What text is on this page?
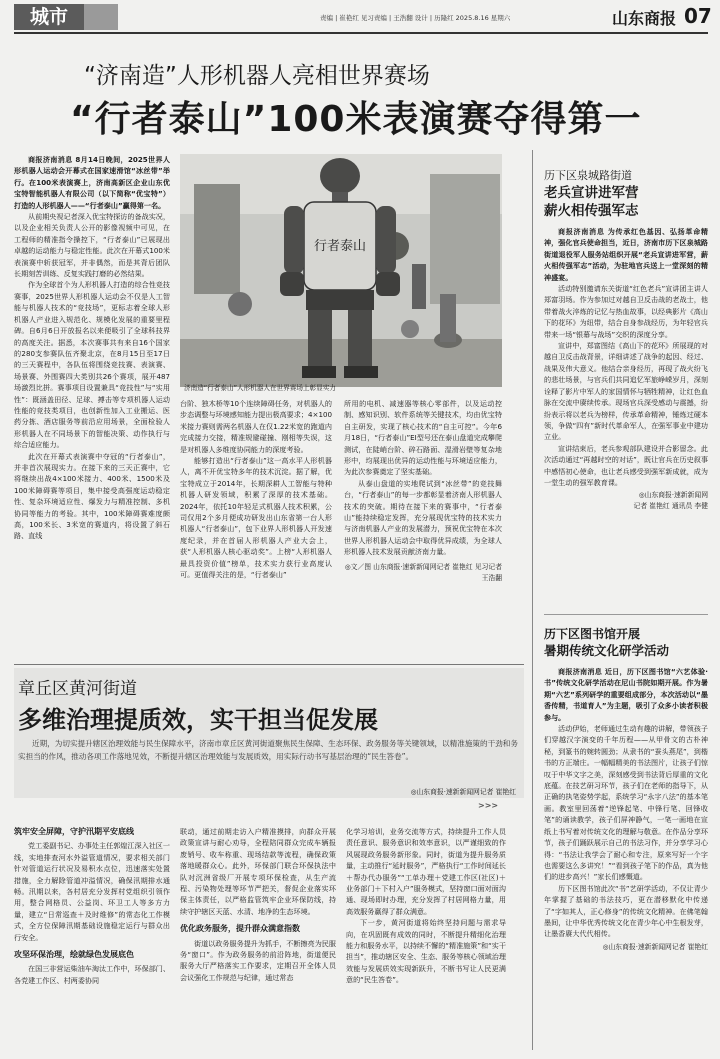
城市	责编 | 崔艳红 见习责编 | 王浩翻 设计 | 历隆红 2025.8.16 星期六	山东商报 07
“济南造”人形机器人亮相世界赛场
“行者泰山”100米表演赛夺得第一

商报济南消息 8月14日晚间，2025世界人形机器人运动会开幕式在国家速滑馆“冰丝带”举行。在100米表演赛上，济南高新区企业山东优宝特智能机器人有限公司（以下简称“优宝特”）打造的人形机器人——“行者泰山”赢得第一名。

从前期央视记者深入优宝特探访的备战实况，以及企业相关负责人公开的影像视频中可见，在工程师的精准指令操控下，“行者泰山”已展现出卓越的运动能力与稳定性能。此次在开幕式100米表演赛中斩获冠军，并非偶然，而是其背后团队长期刻苦训练、反复实践打磨的必然结果。

作为全球首个为人形机器人打造的综合性竞技赛事，2025世界人形机器人运动会不仅是人工智能与机器人技术的“竞技场”，更标志着全球人形机器人产业进入规范化、规模化发展的重要里程碑。自6月6日开放报名以来便吸引了全球科技界的高度关注。据悉，本次赛事共有来自16个国家的280支参赛队伍齐聚北京，在8月15日至17日的三天赛程中，各队伍将围绕竞技赛、表演赛、场景赛、外围赛四大类别共26个赛项，展开487场激烈比拼。赛事项目设置兼具“竞技性”与“实用性”：既涵盖田径、足球、搏击等专项机器人运动性能的竞技类项目，也创新性加入工业搬运、医药分拣、酒店服务等前沿应用场景，全面检验人形机器人在不同场景下的智能决策、动作执行与综合适应能力。

此次在开幕式表演赛中夺冠的“行者泰山”，并非首次展现实力。在接下来的三天正赛中，它将继续出战4×100米接力、400米、1500米及100米障碍赛等项目，集中接受高强度运动稳定性、复杂环境适应性、爆发力与精准控制、多机协同等能力的考验。其中，100米障碍赛难度颇高，100米长、3米宽的赛道内，将设置了斜石路、直线

行者泰山
济南造“行者泰山”人形机器人在世界赛场上彰显实力

台阶、独木桥等10个连续障碍任务，对机器人的步态调整与环境感知能力提出极高要求；4×100米接力赛则需两名机器人在仅1.22米宽的跑道内完成接力交接，精准规避碰撞、刚相等失误，这是对机器人多维度协同能力的深度考验。

能够打造出“行者泰山”这一高水平人形机器人，离不开优宝特多年的技术沉淀。据了解，优宝特成立于2014年，长期深耕人工智能与特种机器人研发领域，积累了深厚的技术基础。2024年，依托10年轻足式机器人技术积累，公司仅用2个多月便成功研发出山东省第一台人形机器人“行者泰山”，包下业界人形机器人开发速度纪录，并在首届人形机器人产业大会上，获“人形机器人核心驱动奖”。上榜“人形机器人最具投资价值”榜单，技术实力获行业高度认可。更值得关注的是，“行者泰山”

所用的电机、减速器等核心零部件，以及运动控制、感知识别、软件系统等关键技术，均由优宝特自主研发，实现了核心技术的“自主可控”。今年6月18日，“行者泰山”EI型号还在泰山盘道完成攀爬测试，在陡峭台阶、碎石路面、湿滑岩壁等复杂地形中，均展现出优异的运动性能与环境适应能力，为此次参赛奠定了坚实基础。

从泰山盘道的实地爬试到“冰丝带”的竞技舞台，“行者泰山”的每一步都彰显着济南人形机器人技术的突破。期待在接下来的赛事中，“行者泰山”能持续稳定发挥，充分展现优宝特的技术实力与济南机器人产业的发展潜力，预祝优宝特在本次世界人形机器人运动会中取得优异成绩，为全球人形机器人技术发展贡献济南力量。

◎文／图 山东商报·速新新闻网记者 崔艳红 见习记者 王浩翻
历下区泉城路街道
老兵宣讲进军营
薪火相传强军志

商报济南消息 为传承红色基因、弘扬革命精神，强化官兵使命担当，近日，济南市历下区泉城路街道退役军人服务站组织开展“老兵宣讲进军营，薪火相传强军志”活动，为驻地官兵送上一堂深刻的精神盛宴。

活动特别邀请东关街道“红色老兵”宣讲团主讲人郑富羽场。作为参加过对越自卫反击战的老战士，他带着战火淬炼的记忆与热血故事，以经典影片《高山下的花环》为纽带，结合自身参战经历，为年轻官兵带来一场“银幕与战场”交织的深度分享。

宣讲中，郑富图结《高山下的花环》所展现的对越自卫反击战背景，详细讲述了战争的起因、经过、战果及伟大意义。他结合亲身经历，再现了战火纷飞的悲壮场景，与官兵们共同追忆军旅峥嵘岁月，深刻诠释了影片中军人的家国情怀与牺牲精神，让红色血脉在交流中赓续传承。现场官兵深受感动与震撼，纷纷表示将以老兵为榜样，传承革命精神，锤炼过硬本领，争做“四有”新时代革命军人，在强军事业中建功立业。

宣讲结束后，老兵参观部队建设并合影留念。此次活动通过“再越时空的对话”，既让官兵在历史叙事中感悟初心使命，也让老兵感受到强军新成就，成为一堂生动的强军教育课。

◎山东商报·速新新闻网
记者 崔艳红 通讯员 李健
历下区图书馆开展
暑期传统文化研学活动

商报济南消息 近日，历下区图书馆“六艺体验·书”传统文化研学活动在尼山书院如期开展。作为暑期“六艺”系列研学的重要组成部分，本次活动以“墨香传精，书道育人”为主题，吸引了众多小读者积极参与。

活动伊始，老师通过生动有趣的讲解，带领孩子们穿越汉字演变的千年历程——从甲骨文的古朴神秘，到篆书的婉转圆劲；从隶书的“蚕头燕尾”，到楷书的方正端庄。一幅幅精美的书法图片，让孩子们惊叹于中华文字之美，深刻感受到书法背后厚重的文化底蕴。在技艺研习环节，孩子们在老师的指导下，从正确的执笔姿势学起，系统学习“永字八法”的基本笔画。教室里回荡着“逆锋起笔、中锋行笔、回锋收笔”的诵读教学，孩子们屏神静气，一笔一画地在宣纸上书写着对传统文化的理解与敬意。在作品分享环节，孩子们踊跃展示自己的书法习作，并分享学习心得：“书法让我学会了耐心和专注，原来写好一个字也需要这么多讲究！”“看到孩子笔下的作品，真为他们的进步高兴！”家长们感慨道。

历下区图书馆此次“书”艺研学活动，不仅让青少年掌握了基础的书法技巧，更在潜移默化中传递了“字如其人，正心修身”的传统文化精神。在佛笔翰墨间，让中华优秀传统文化在青少年心中生根发芽，让墨香赓大代代相传。

◎山东商报·速新新闻网记者 崔艳红
章丘区黄河街道
多维治理提质效，实干担当促发展

近期，为切实提升辖区治理效能与民生保障水平，济南市章丘区黄河街道聚焦民生保障、生态环保、政务服务等关键领域，以精准施策的干劲和务实担当的作风，推动各项工作落地见效，不断提升辖区治理效能与发展质效，用实际行动书写基层治理的“民生答卷”。

◎山东商报·速新新闻网记者 崔艳红
>>>
筑牢安全屏障，守护汛期平安底线

党工委副书记、办事处主任郭煌江深入社区一线，实地排查河水外溢管道情况，要求相关部门针对管道运行状况及易积水点位，迅速落实处置措施，全力解除管道冲溢情况，确保汛期排水通畅。汛期以来，各村居充分发挥村党组织引领作用，整合网格员、公益岗、环卫工人等多方力量，建立“日常巡查＋及时维修”的常态化工作模式，全方位保障汛期基础设施稳定运行与群众出行安全。

攻坚环保治理，绘就绿色发展底色

在国三非营运柴油车淘汰工作中，环保部门、各党建工作区、村两委协同

联动，通过前期走访入户精准摸排，向群众开展政策宣讲与耐心劝导，全程陪同群众完成车辆报废销号、收车称重、现场结款等流程，确保政策落地暖群众心。此外，环保部门联合环保执法中队对沉洲省级厂开展专项环保检查，从生产流程、污染物处理等环节严把关，督促企业落实环保主体责任，以严格监管筑牢企业环保防线，持续守护辖区天蓝、水清、地净的生态环境。

优化政务服务，提升群众满意指数

街道以政务服务提升为抓手，不断擦亮为民服务“窗口”。作为政务服务的前沿阵地，街道便民服务大厅严格落实工作要求，定期召开全体人员会议强化工作规范与纪律，通过常态

化学习培训，业务交流等方式，持续提升工作人员责任意识、服务意识和效率意识，以严谨细致的作风展现政务服务新形象。同时，街道为提升服务质量，主动推行“延时服务”，严格执行“工作时间延长＋帮办代办服务”“工单办理＋党建工作区(社区)＋业务部门＋下村入户”服务模式，坚持窗口面对面沟通、现场即时办理，充分发挥了村居网格力量，用高效服务赢得了群众满意。

下一步，黄河街道将始终坚持问题与需求导向，在巩固既有成效的同时，不断提升精细化治理能力和服务水平，以持续不懈的“精准施策”和“实干担当”，推动辖区安全、生态、服务等核心领域治理效能与发展质效实现新跃升，不断书写让人民更满意的“民生答卷”。
